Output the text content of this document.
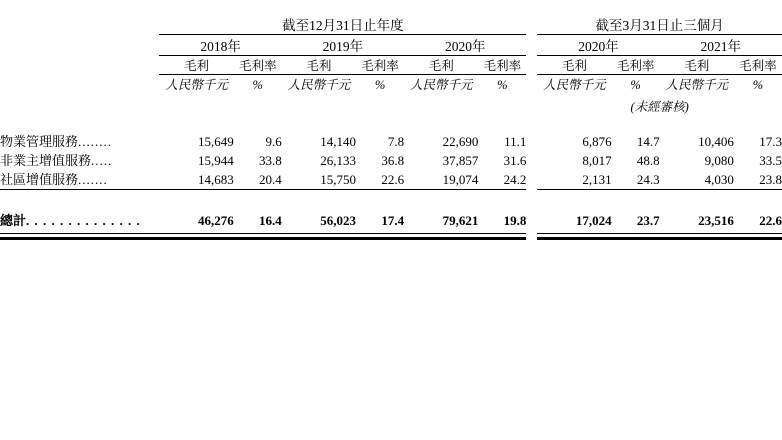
	截至12月31日止年度							截至3月31日止三個月			
	2018年		2019年		2020年			2020年		2021年	
	毛利	毛利率	毛利	毛利率	毛利	毛利率		毛利	毛利率	毛利	毛利率
	人民幣千元	%	人民幣千元	%	人民幣千元	%		人民幣千元	%	人民幣千元	%
								(未經審核)			

物業管理服務........	15,649	9.6	14,140	7.8	22,690	11.1		6,876	14.7	10,406	17.3
非業主增值服務.....	15,944	33.8	26,133	36.8	37,857	31.6		8,017	48.8	9,080	33.5
社區增值服務.......	14,683	20.4	15,750	22.6	19,074	24.2		2,131	24.3	4,030	23.8

總計. . . . . . . . . . . . . .	46,276	16.4	56,023	17.4	79,621	19.8		17,024	23.7	23,516	22.6
